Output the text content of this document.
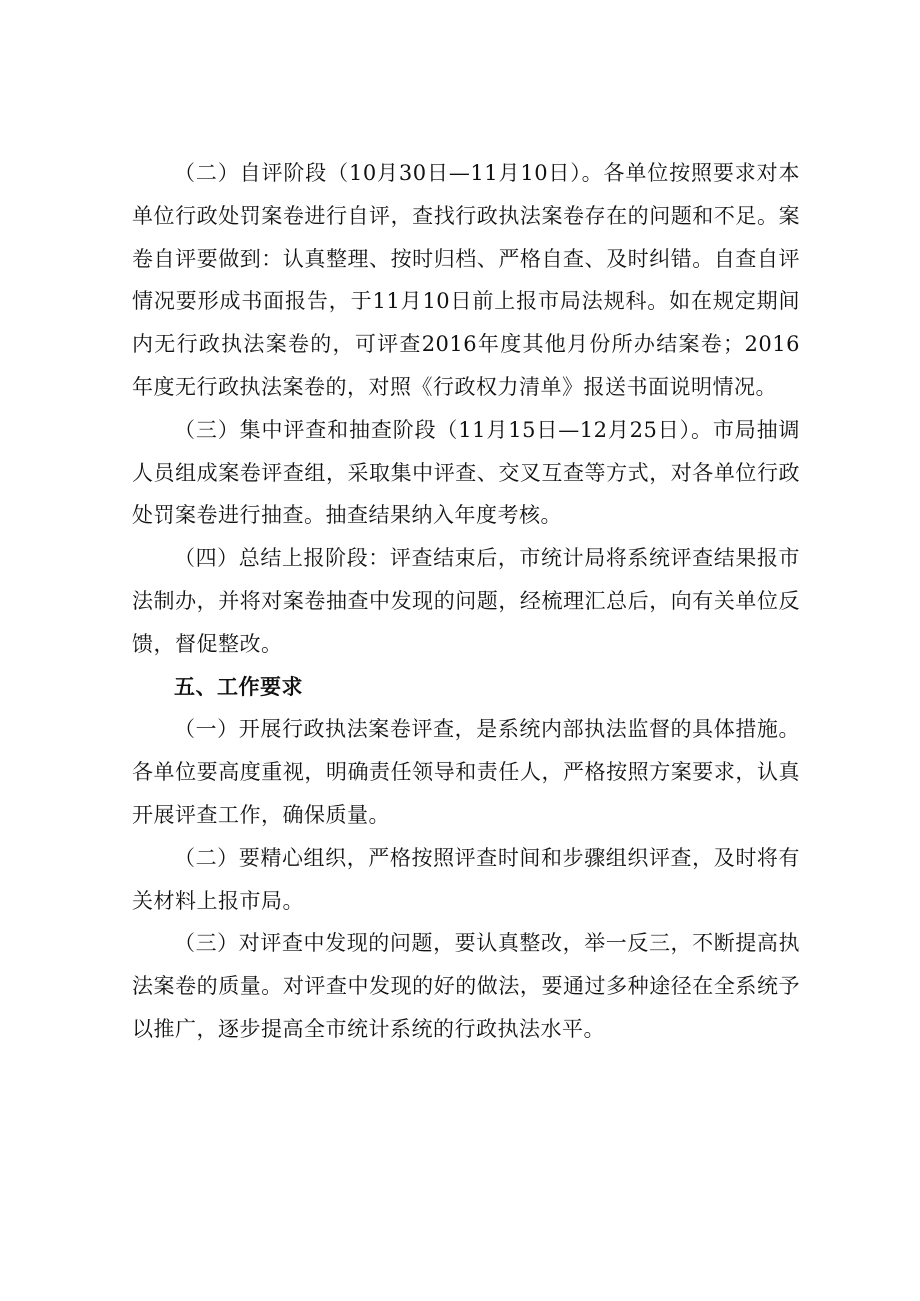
（二）自评阶段（10月30日—11月10日）。各单位按照要求对本单位行政处罚案卷进行自评，查找行政执法案卷存在的问题和不足。案卷自评要做到：认真整理、按时归档、严格自查、及时纠错。自查自评情况要形成书面报告，于11月10日前上报市局法规科。如在规定期间内无行政执法案卷的，可评查2016年度其他月份所办结案卷；2016年度无行政执法案卷的，对照《行政权力清单》报送书面说明情况。

（三）集中评查和抽查阶段（11月15日—12月25日）。市局抽调人员组成案卷评查组，采取集中评查、交叉互查等方式，对各单位行政处罚案卷进行抽查。抽查结果纳入年度考核。

（四）总结上报阶段：评查结束后，市统计局将系统评查结果报市法制办，并将对案卷抽查中发现的问题，经梳理汇总后，向有关单位反馈，督促整改。

五、工作要求

（一）开展行政执法案卷评查，是系统内部执法监督的具体措施。各单位要高度重视，明确责任领导和责任人，严格按照方案要求，认真开展评查工作，确保质量。

（二）要精心组织，严格按照评查时间和步骤组织评查，及时将有关材料上报市局。

（三）对评查中发现的问题，要认真整改，举一反三，不断提高执法案卷的质量。对评查中发现的好的做法，要通过多种途径在全系统予以推广，逐步提高全市统计系统的行政执法水平。
